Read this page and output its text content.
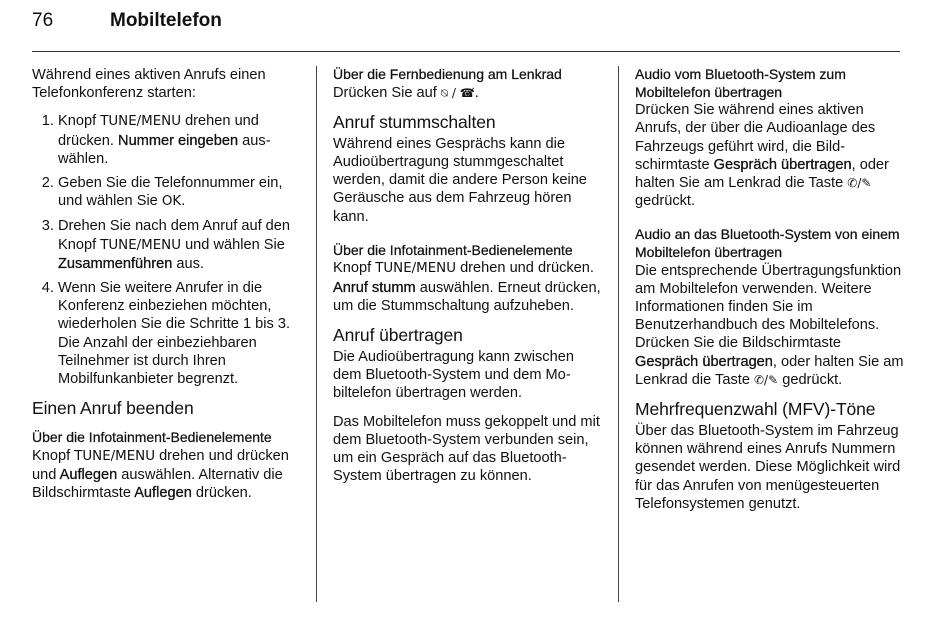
76	Mobiltelefon

Während eines aktiven Anrufs einen Telefonkonferenz starten:

1. Knopf TUNE/MENU drehen und drücken. Nummer eingeben auswählen.
2. Geben Sie die Telefonnummer ein, und wählen Sie OK.
3. Drehen Sie nach dem Anruf auf den Knopf TUNE/MENU und wählen Sie Zusammenführen aus.
4. Wenn Sie weitere Anrufer in die Konferenz einbeziehen möchten, wiederholen Sie die Schritte 1 bis 3. Die Anzahl der einbeziehbaren Teilnehmer ist durch Ihren Mobilfunkanbieter begrenzt.
Einen Anruf beenden
Über die Infotainment-Bedienelemente

Knopf TUNE/MENU drehen und drücken und Auflegen auswählen. Alternativ die Bildschirmtaste Auflegen drücken.

Über die Fernbedienung am Lenkrad

Drücken Sie auf ⍉ / ☎̸.

Anruf stummschalten

Während eines Gesprächs kann die Audioübertragung stummgeschaltet werden, damit die andere Person keine Geräusche aus dem Fahrzeug hören kann.

Über die Infotainment-Bedienelemente

Knopf TUNE/MENU drehen und drücken. Anruf stumm auswählen. Erneut drücken, um die Stummschaltung aufzuheben.

Anruf übertragen

Die Audioübertragung kann zwischen dem Bluetooth-System und dem Mobiltelefon übertragen werden.

Das Mobiltelefon muss gekoppelt und mit dem Bluetooth-System verbunden sein, um ein Gespräch auf das Bluetooth-System übertragen zu können.

Audio vom Bluetooth-System zum Mobiltelefon übertragen

Drücken Sie während eines aktiven Anrufs, der über die Audioanlage des Fahrzeugs geführt wird, die Bildschirmtaste Gespräch übertragen, oder halten Sie am Lenkrad die Taste ✆/✎ gedrückt.

Audio an das Bluetooth-System von einem Mobiltelefon übertragen

Die entsprechende Übertragungsfunktion am Mobiltelefon verwenden. Weitere Informationen finden Sie im Benutzerhandbuch des Mobiltelefons. Drücken Sie die Bildschirmtaste Gespräch übertragen, oder halten Sie am Lenkrad die Taste ✆/✎ gedrückt.

Mehrfrequenzwahl (MFV)-Töne

Über das Bluetooth-System im Fahrzeug können während eines Anrufs Nummern gesendet werden. Diese Möglichkeit wird für das Anrufen von menügesteuerten Telefonsystemen genutzt.
